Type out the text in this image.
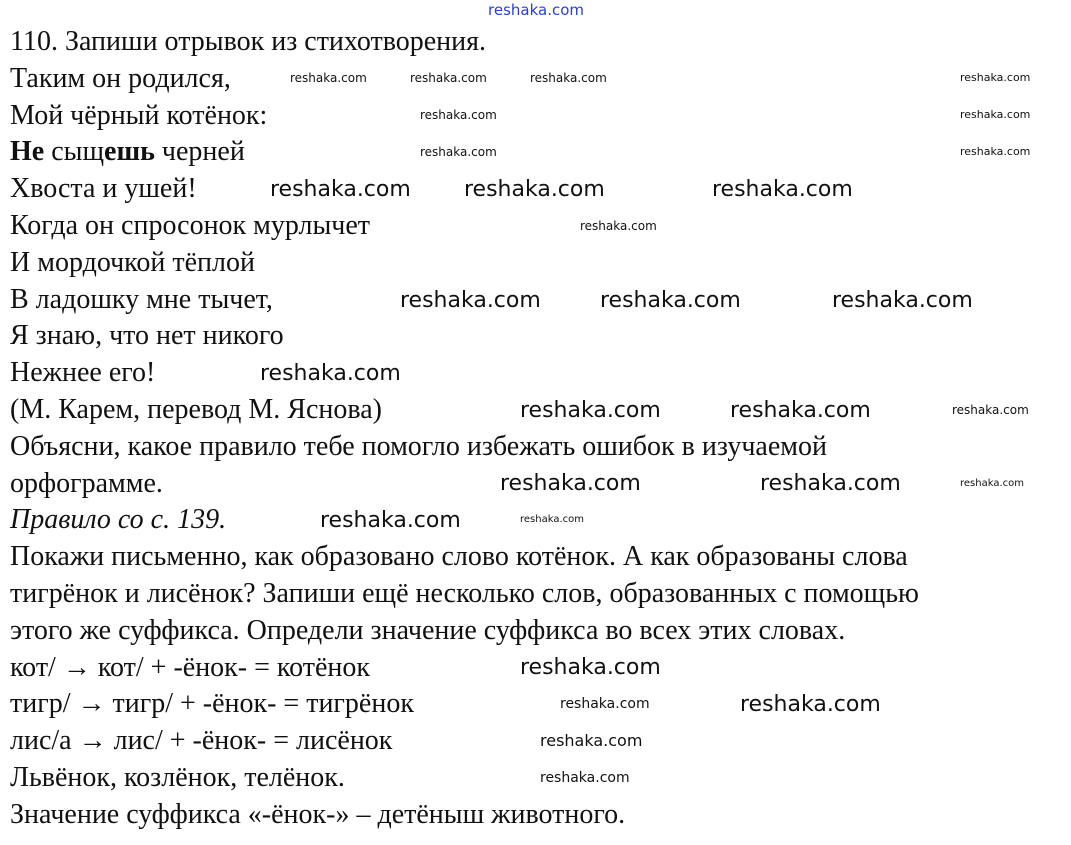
110. Запиши отрывок из стихотворения.
Таким он родился,
Мой чёрный котёнок:
Не сыщешь черней
Хвоста и ушей!
Когда он спросонок мурлычет
И мордочкой тёплой
В ладошку мне тычет,
Я знаю, что нет никого
Нежнее его!
(М. Карем, перевод М. Яснова)
Объясни, какое правило тебе помогло избежать ошибок в изучаемой
орфограмме.
Правило со с. 139.
Покажи письменно, как образовано слово котёнок. А как образованы слова
тигрёнок и лисёнок? Запиши ещё несколько слов, образованных с помощью
этого же суффикса. Определи значение суффикса во всех этих словах.
кот/ → кот/ + -ёнок- = котёнок
тигр/ → тигр/ + -ёнок- = тигрёнок
лис/а → лис/ + -ёнок- = лисёнок
Львёнок, козлёнок, телёнок.
Значение суффикса «-ёнок-» – детёныш животного.
reshaka.com
reshaka.com	reshaka.com	reshaka.com	reshaka.com
reshaka.com	reshaka.com
reshaka.com
reshaka.com reshaka.com	reshaka.com
reshaka.com
reshaka.com
reshaka.com	reshaka.com	reshaka.com
reshaka.com
reshaka.com	reshaka.com	reshaka.com
reshaka.com	reshaka.com
reshaka.com	reshaka.com	reshaka.com
reshaka.com
reshaka.com	reshaka.com
reshaka.com
reshaka.com
